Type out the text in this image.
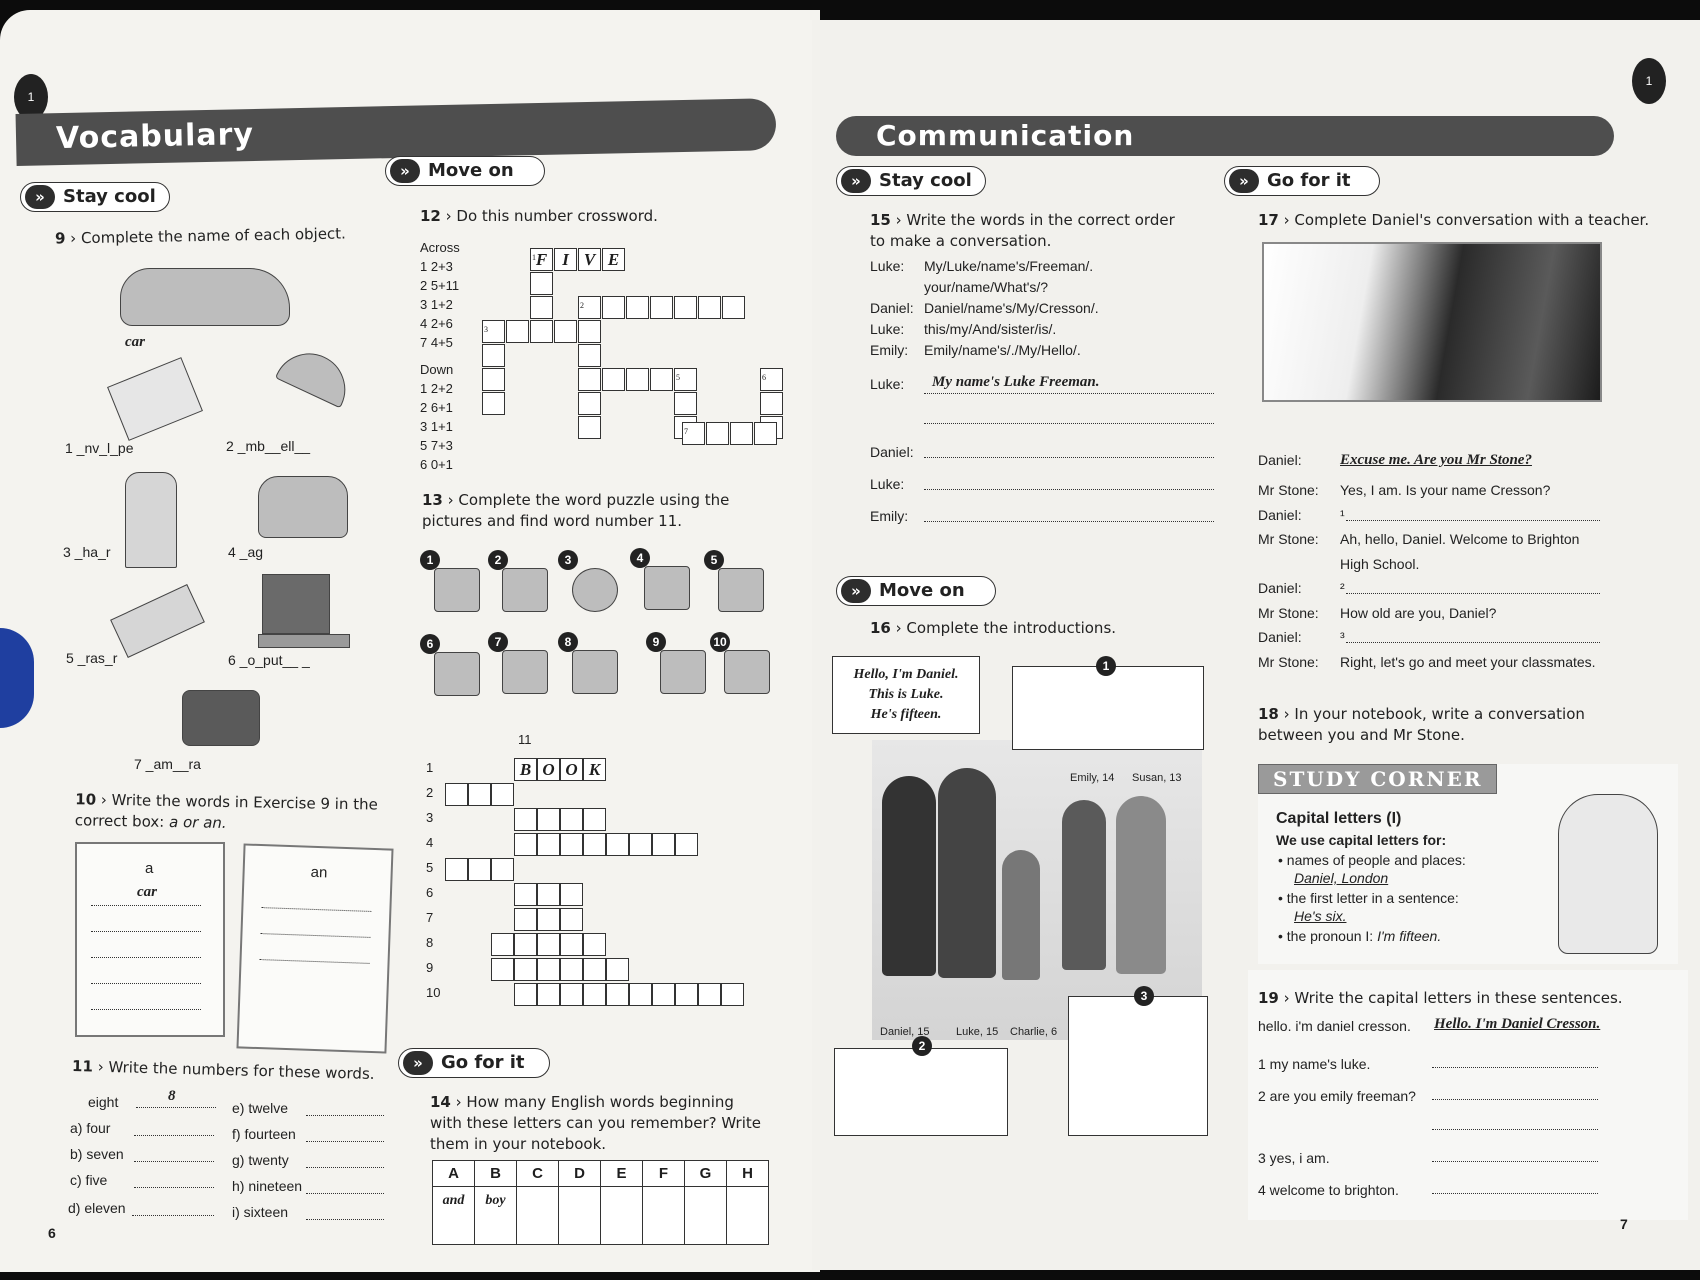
1
Vocabulary
»	Stay cool
9 › Complete the name of each object.
car
1 _nv_l_pe	2 _mb__ell__
3 _ha_r	4 _ag
5 _ras_r	6 _o_put__ _
7 _am__ra
10 › Write the words in Exercise 9 in the correct box: a or an.
a
car
an
11 › Write the numbers for these words.
eight	8
a) four
b) seven
c) five
d) eleven
e) twelve
f) fourteen
g) twenty
h) nineteen
i) sixteen
6
»	Move on
12 › Do this number crossword.
Across
1 2+3
2 5+11
3 1+2
4 2+6
7 4+5
Down
1 2+2
2 6+1
3 1+1
5 7+3
6 0+1
F
1	I V E
2
3
5	6
7
13 › Complete the word puzzle using the pictures and find word number 11.
1	2	3	4	5
6	7	8	9	10
11
1	B O O K
2
3
4
5
6
7
8
9
10
»	Go for it
14 › How many English words beginning with these letters can you remember? Write them in your notebook.
A	B	C	D	E	F	G	H
and	boy						
1
Communication
»	Stay cool
15 › Write the words in the correct order to make a conversation.
Luke: My/Luke/name's/Freeman/.
your/name/What's/?
Daniel: Daniel/name's/My/Cresson/.
Luke: this/my/And/sister/is/.
Emily: Emily/name's/./My/Hello/.
Luke: My name's Luke Freeman.
Daniel:
Luke:
Emily:
»	Move on
16 › Complete the introductions.
Hello, I'm Daniel.
This is Luke.
He's fifteen.
1
2
3
Daniel, 15 Luke, 15 Charlie, 6
Emily, 14 Susan, 13
»	Go for it
17 › Complete Daniel's conversation with a teacher.
Daniel:	Excuse me. Are you Mr Stone?
Mr Stone: Yes, I am. Is your name Cresson?
Daniel:	¹
Mr Stone: Ah, hello, Daniel. Welcome to Brighton
High School.
Daniel:	²
Mr Stone: How old are you, Daniel?
Daniel:	³
Mr Stone: Right, let's go and meet your classmates.
18 › In your notebook, write a conversation between you and Mr Stone.
STUDY CORNER
Capital letters (I)
We use capital letters for:
• names of people and places:
Daniel, London
• the first letter in a sentence:
He's six.
• the pronoun I: I'm fifteen.
19 › Write the capital letters in these sentences.
hello. i'm daniel cresson. Hello. I'm Daniel Cresson.
1 my name's luke.
2 are you emily freeman?
3 yes, i am.
4 welcome to brighton.
7
